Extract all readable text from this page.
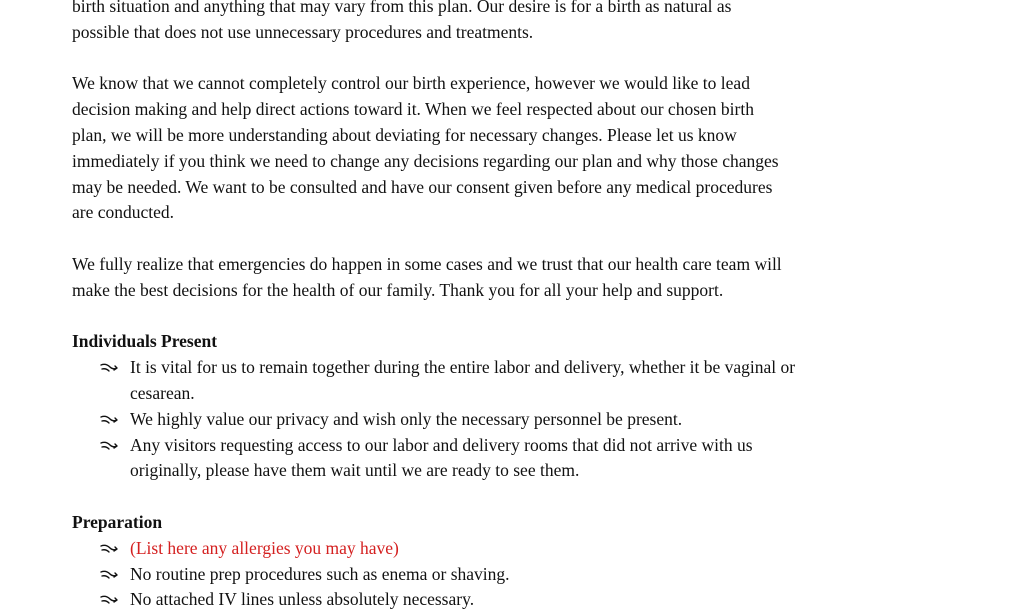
birth situation and anything that may vary from this plan. Our desire is for a birth as natural as
possible that does not use unnecessary procedures and treatments.

We know that we cannot completely control our birth experience, however we would like to lead
decision making and help direct actions toward it. When we feel respected about our chosen birth
plan, we will be more understanding about deviating for necessary changes. Please let us know
immediately if you think we need to change any decisions regarding our plan and why those changes
may be needed. We want to be consulted and have our consent given before any medical procedures
are conducted.

We fully realize that emergencies do happen in some cases and we trust that our health care team will
make the best decisions for the health of our family. Thank you for all your help and support.

Individuals Present
It is vital for us to remain together during the entire labor and delivery, whether it be vaginal or
cesarean.
We highly value our privacy and wish only the necessary personnel be present.
Any visitors requesting access to our labor and delivery rooms that did not arrive with us
originally, please have them wait until we are ready to see them.
Preparation
(List here any allergies you may have)
No routine prep procedures such as enema or shaving.
No attached IV lines unless absolutely necessary.
